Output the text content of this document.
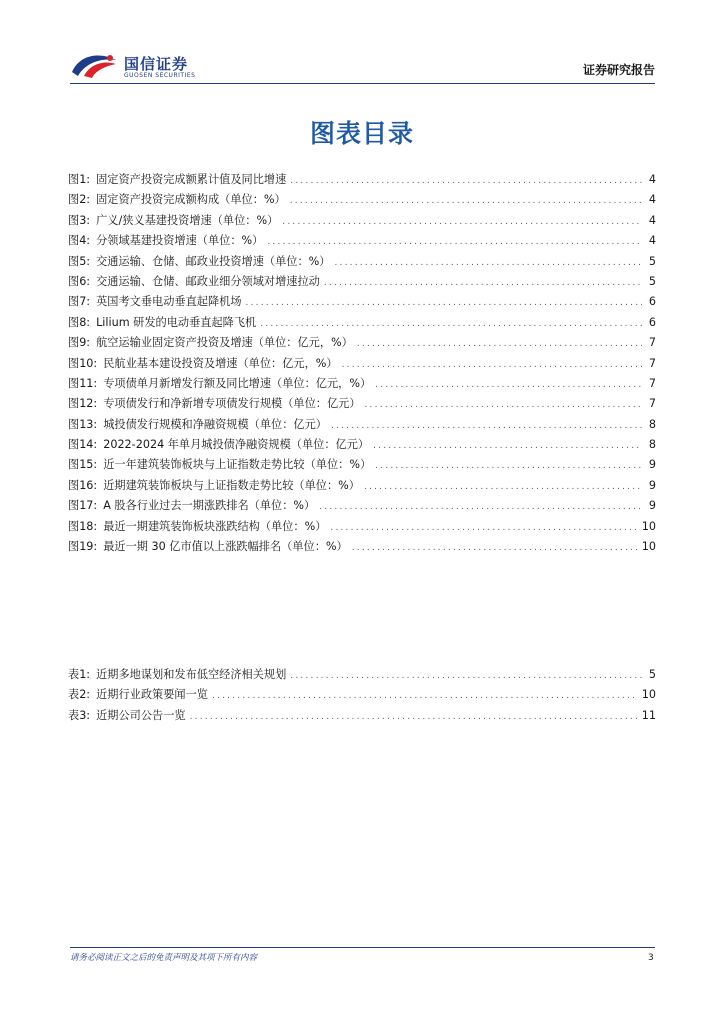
国信证券
GUOSEN SECURITIES	证券研究报告
图表目录
图1: 固定资产投资完成额累计值及同比增速 .....	4
图2: 固定资产投资完成额构成（单位：%） .....	4
图3: 广义/狭义基建投资增速（单位：%） .....	4
图4: 分领域基建投资增速（单位：%） .....	4
图5: 交通运输、仓储、邮政业投资增速（单位：%） .....	5
图6: 交通运输、仓储、邮政业细分领域对增速拉动 .....	5
图7: 英国考文垂电动垂直起降机场 .....	6
图8: Lilium 研发的电动垂直起降飞机 .....	6
图9: 航空运输业固定资产投资及增速（单位：亿元，%） .....	7
图10: 民航业基本建设投资及增速（单位：亿元，%） .....	7
图11: 专项债单月新增发行额及同比增速（单位：亿元，%） .....	7
图12: 专项债发行和净新增专项债发行规模（单位：亿元） .....	7
图13: 城投债发行规模和净融资规模（单位：亿元） .....	8
图14: 2022-2024 年单月城投债净融资规模（单位：亿元） .....	8
图15: 近一年建筑装饰板块与上证指数走势比较（单位：%） .....	9
图16: 近期建筑装饰板块与上证指数走势比较（单位：%） .....	9
图17: A 股各行业过去一期涨跌排名（单位：%） .....	9
图18: 最近一期建筑装饰板块涨跌结构（单位：%） .....	10
图19: 最近一期 30 亿市值以上涨跌幅排名（单位：%） .....	10
表1: 近期多地谋划和发布低空经济相关规划 .....	5
表2: 近期行业政策要闻一览 .....	10
表3: 近期公司公告一览 .....	11
请务必阅读正文之后的免责声明及其项下所有内容	3
